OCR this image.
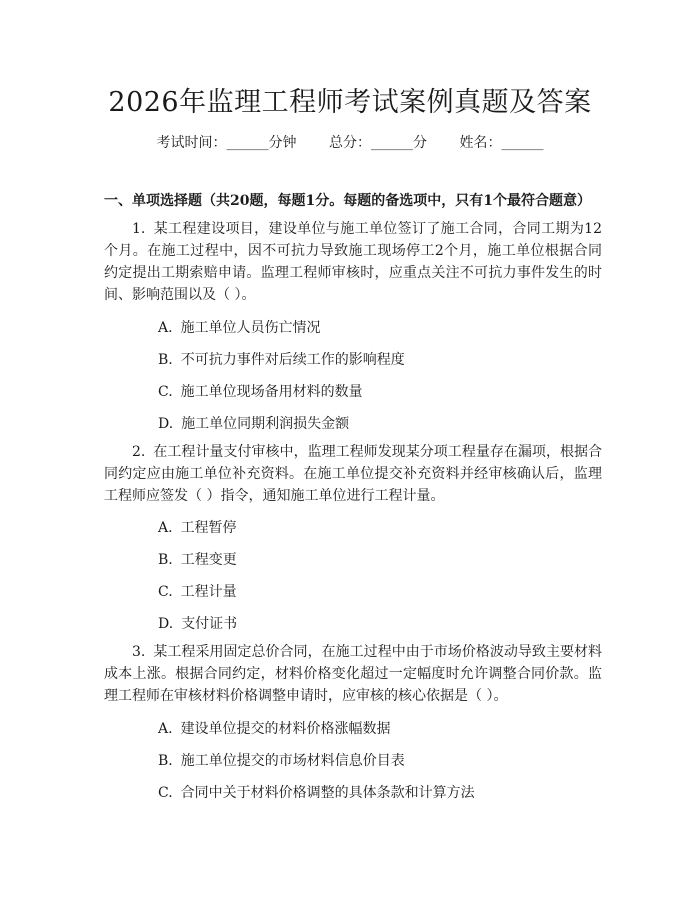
2026年监理工程师考试案例真题及答案
考试时间：______分钟 总分：______分 姓名：______
一、单项选择题（共20题，每题1分。每题的备选项中，只有1个最符合题意）
1. 某工程建设项目，建设单位与施工单位签订了施工合同，合同工期为12个月。在施工过程中，因不可抗力导致施工现场停工2个月，施工单位根据合同约定提出工期索赔申请。监理工程师审核时，应重点关注不可抗力事件发生的时间、影响范围以及（ ）。
A. 施工单位人员伤亡情况
B. 不可抗力事件对后续工作的影响程度
C. 施工单位现场备用材料的数量
D. 施工单位同期利润损失金额
2. 在工程计量支付审核中，监理工程师发现某分项工程量存在漏项，根据合同约定应由施工单位补充资料。在施工单位提交补充资料并经审核确认后，监理工程师应签发（ ）指令，通知施工单位进行工程计量。
A. 工程暂停
B. 工程变更
C. 工程计量
D. 支付证书
3. 某工程采用固定总价合同，在施工过程中由于市场价格波动导致主要材料成本上涨。根据合同约定，材料价格变化超过一定幅度时允许调整合同价款。监理工程师在审核材料价格调整申请时，应审核的核心依据是（ ）。
A. 建设单位提交的材料价格涨幅数据
B. 施工单位提交的市场材料信息价目表
C. 合同中关于材料价格调整的具体条款和计算方法
